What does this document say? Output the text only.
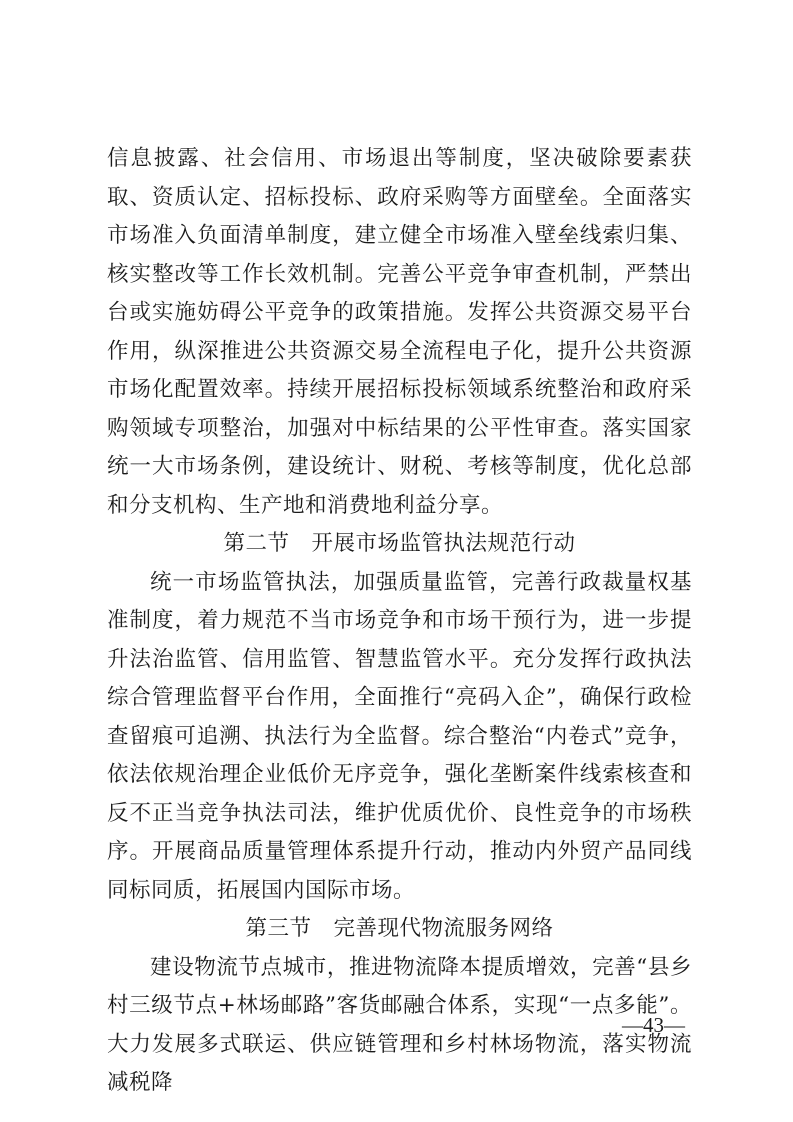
信息披露、社会信用、市场退出等制度，坚决破除要素获取、资质认定、招标投标、政府采购等方面壁垒。全面落实市场准入负面清单制度，建立健全市场准入壁垒线索归集、核实整改等工作长效机制。完善公平竞争审查机制，严禁出台或实施妨碍公平竞争的政策措施。发挥公共资源交易平台作用，纵深推进公共资源交易全流程电子化，提升公共资源市场化配置效率。持续开展招标投标领域系统整治和政府采购领域专项整治，加强对中标结果的公平性审查。落实国家统一大市场条例，建设统计、财税、考核等制度，优化总部和分支机构、生产地和消费地利益分享。

第二节　开展市场监管执法规范行动

统一市场监管执法，加强质量监管，完善行政裁量权基准制度，着力规范不当市场竞争和市场干预行为，进一步提升法治监管、信用监管、智慧监管水平。充分发挥行政执法综合管理监督平台作用，全面推行“亮码入企”，确保行政检查留痕可追溯、执法行为全监督。综合整治“内卷式”竞争，依法依规治理企业低价无序竞争，强化垄断案件线索核查和反不正当竞争执法司法，维护优质优价、良性竞争的市场秩序。开展商品质量管理体系提升行动，推动内外贸产品同线同标同质，拓展国内国际市场。

第三节　完善现代物流服务网络

建设物流节点城市，推进物流降本提质增效，完善“县乡村三级节点+林场邮路”客货邮融合体系，实现“一点多能”。大力发展多式联运、供应链管理和乡村林场物流，落实物流减税降

—43—
